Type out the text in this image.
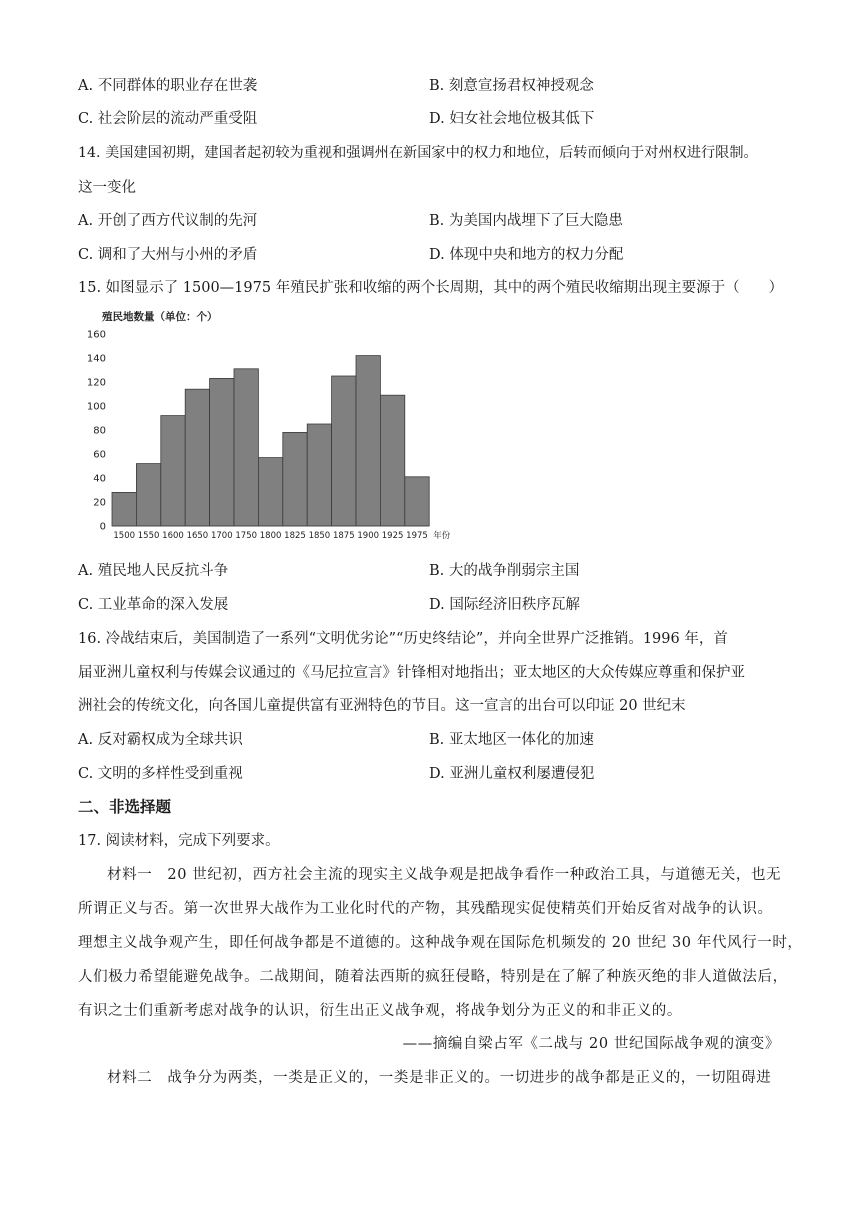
A. 不同群体的职业存在世袭	B. 刻意宣扬君权神授观念
C. 社会阶层的流动严重受阻	D. 妇女社会地位极其低下
14. 美国建国初期，建国者起初较为重视和强调州在新国家中的权力和地位，后转而倾向于对州权进行限制。
这一变化
A. 开创了西方代议制的先河	B. 为美国内战埋下了巨大隐患
C. 调和了大州与小州的矛盾	D. 体现中央和地方的权力分配
15. 如图显示了 1500—1975 年殖民扩张和收缩的两个长周期，其中的两个殖民收缩期出现主要源于（　　）
殖民地数量（单位：个）
0
20
40
60
80
100
120
140
160
1500 1550 1600 1650 1700 1750 1800 1825 1850 1875 1900 1925 1975 年份
A. 殖民地人民反抗斗争	B. 大的战争削弱宗主国
C. 工业革命的深入发展	D. 国际经济旧秩序瓦解
16. 冷战结束后，美国制造了一系列“文明优劣论”“历史终结论”，并向全世界广泛推销。1996 年，首
届亚洲儿童权利与传媒会议通过的《马尼拉宣言》针锋相对地指出；亚太地区的大众传媒应尊重和保护亚
洲社会的传统文化，向各国儿童提供富有亚洲特色的节目。这一宣言的出台可以印证 20 世纪末
A. 反对霸权成为全球共识	B. 亚太地区一体化的加速
C. 文明的多样性受到重视	D. 亚洲儿童权利屡遭侵犯
二、非选择题
17. 阅读材料，完成下列要求。
材料一　20 世纪初，西方社会主流的现实主义战争观是把战争看作一种政治工具，与道德无关，也无
所谓正义与否。第一次世界大战作为工业化时代的产物，其残酷现实促使精英们开始反省对战争的认识。
理想主义战争观产生，即任何战争都是不道德的。这种战争观在国际危机频发的 20 世纪 30 年代风行一时，
人们极力希望能避免战争。二战期间，随着法西斯的疯狂侵略，特别是在了解了种族灭绝的非人道做法后，
有识之士们重新考虑对战争的认识，衍生出正义战争观，将战争划分为正义的和非正义的。
——摘编自梁占军《二战与 20 世纪国际战争观的演变》
材料二　战争分为两类，一类是正义的，一类是非正义的。一切进步的战争都是正义的，一切阻碍进
